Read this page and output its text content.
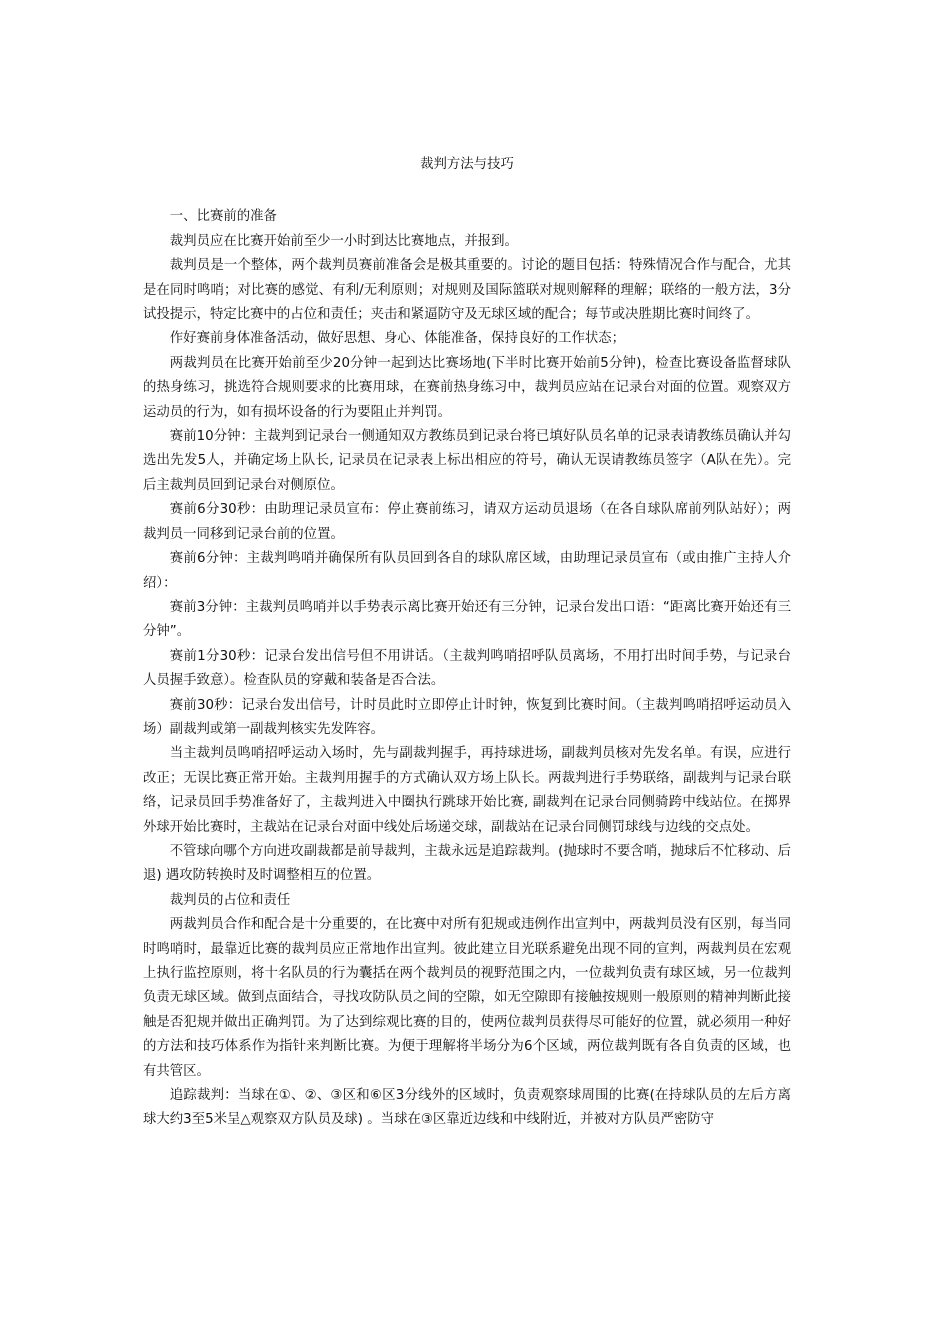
裁判方法与技巧

一、比赛前的准备

裁判员应在比赛开始前至少一小时到达比赛地点，并报到。

裁判员是一个整体，两个裁判员赛前准备会是极其重要的。讨论的题目包括：特殊情况合作与配合，尤其是在同时鸣哨；对比赛的感觉、有利/无利原则；对规则及国际篮联对规则解释的理解；联络的一般方法，3分试投提示，特定比赛中的占位和责任；夹击和紧逼防守及无球区域的配合；每节或决胜期比赛时间终了。

作好赛前身体准备活动，做好思想、身心、体能准备，保持良好的工作状态；

两裁判员在比赛开始前至少20分钟一起到达比赛场地(下半时比赛开始前5分钟)，检查比赛设备监督球队的热身练习，挑选符合规则要求的比赛用球，在赛前热身练习中，裁判员应站在记录台对面的位置。观察双方运动员的行为，如有损坏设备的行为要阻止并判罚。

赛前10分钟：主裁判到记录台一侧通知双方教练员到记录台将已填好队员名单的记录表请教练员确认并勾选出先发5人，并确定场上队长, 记录员在记录表上标出相应的符号，确认无误请教练员签字（A队在先）。完后主裁判员回到记录台对侧原位。

赛前6分30秒：由助理记录员宣布：停止赛前练习，请双方运动员退场（在各自球队席前列队站好）；两裁判员一同移到记录台前的位置。

赛前6分钟：主裁判鸣哨并确保所有队员回到各自的球队席区域，由助理记录员宣布（或由推广主持人介绍）：

赛前3分钟：主裁判员鸣哨并以手势表示离比赛开始还有三分钟，记录台发出口语：“距离比赛开始还有三分钟”。

赛前1分30秒：记录台发出信号但不用讲话。（主裁判鸣哨招呼队员离场，不用打出时间手势，与记录台人员握手致意）。检查队员的穿戴和装备是否合法。

赛前30秒：记录台发出信号，计时员此时立即停止计时钟，恢复到比赛时间。（主裁判鸣哨招呼运动员入场）副裁判或第一副裁判核实先发阵容。

当主裁判员鸣哨招呼运动入场时，先与副裁判握手，再持球进场，副裁判员核对先发名单。有误，应进行改正；无误比赛正常开始。主裁判用握手的方式确认双方场上队长。两裁判进行手势联络，副裁判与记录台联络，记录员回手势准备好了，主裁判进入中圈执行跳球开始比赛, 副裁判在记录台同侧骑跨中线站位。在掷界外球开始比赛时，主裁站在记录台对面中线处后场递交球，副裁站在记录台同侧罚球线与边线的交点处。

不管球向哪个方向进攻副裁都是前导裁判，主裁永远是追踪裁判。(抛球时不要含哨，抛球后不忙移动、后退) 遇攻防转换时及时调整相互的位置。

裁判员的占位和责任

两裁判员合作和配合是十分重要的，在比赛中对所有犯规或违例作出宣判中，两裁判员没有区别，每当同时鸣哨时，最靠近比赛的裁判员应正常地作出宣判。彼此建立目光联系避免出现不同的宣判，两裁判员在宏观上执行监控原则，将十名队员的行为囊括在两个裁判员的视野范围之内，一位裁判负责有球区域，另一位裁判负责无球区域。做到点面结合，寻找攻防队员之间的空隙，如无空隙即有接触按规则一般原则的精神判断此接触是否犯规并做出正确判罚。为了达到综观比赛的目的，使两位裁判员获得尽可能好的位置，就必须用一种好的方法和技巧体系作为指针来判断比赛。为便于理解将半场分为6个区域，两位裁判既有各自负责的区域，也有共管区。

追踪裁判：当球在①、②、③区和⑥区3分线外的区域时，负责观察球周围的比赛(在持球队员的左后方离球大约3至5米呈△观察双方队员及球) 。当球在③区靠近边线和中线附近，并被对方队员严密防守
